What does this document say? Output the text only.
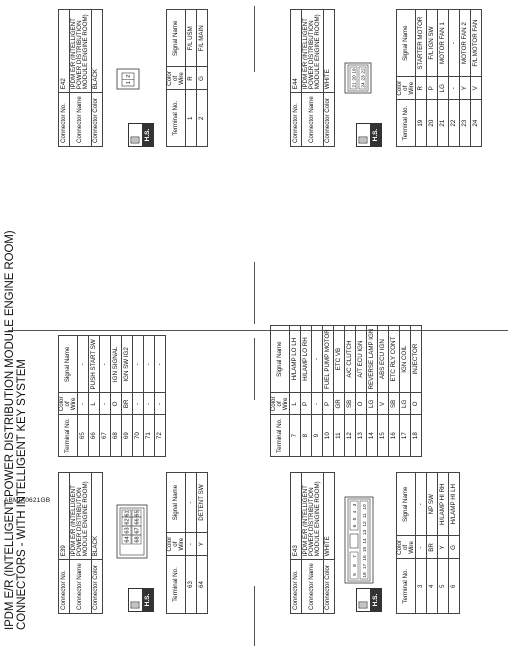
IPDM E/R (INTELLIGENT POWER DISTRIBUTION MODULE ENGINE ROOM) CONNECTORS - WITH INTELLIGENT KEY SYSTEM	Connector No.	E39
Connector Name	IPDM E/R (INTELLIGENT POWER DISTRIBUTION MODULE ENGINE ROOM)
Connector Color	BLACK
H.S.
64
63
62
61
68
67
66
65
Terminal No.	Color of Wire	Signal Name
63	-	-
64	Y	DETENT SW
Terminal No.	Color of Wire	Signal Name
65	-	-
66	L	PUSH START SW
67	-	-
68	O	IGN SIGNAL
69	BR	IGN SW IG2
70	-	-
71	-	-
72	-	-
Connector No.	E42
Connector Name	IPDM E/R (INTELLIGENT POWER DISTRIBUTION MODULE ENGINE ROOM)
Connector Color	BLACK
H.S.
1
2
Terminal No.	Color of Wire	Signal Name
1	R	F/L USM
2	G	F/L MAIN
Connector No.	E43
Connector Name	IPDM E/R (INTELLIGENT POWER DISTRIBUTION MODULE ENGINE ROOM)
Connector Color	WHITE
H.S.
9
8
7
6
5
4
3
18
17
16
15
14
13
12
11
10
Terminal No.	Color of Wire	Signal Name
3	-	-
4	BR	NP SW
5	Y	H/LAMP HI RH
6	G	H/LAMP HI LH
Terminal No.	Color of Wire	Signal Name
7	L	H/LAMP LO LH
8	P	H/LAMP LO RH
9	-	-
10	P	FUEL PUMP MOTOR
11	GR	ETC VB
12	SB	A/C CLUTCH
13	O	A/T ECU IGN
14	LG	REVERSE LAMP IGN
15	V	ABS ECU IGN
16	SB	ETC RLY CONT
17	LG	IGN COIL
18	O	INJECTOR
Connector No.	E44
Connector Name	IPDM E/R (INTELLIGENT POWER DISTRIBUTION MODULE ENGINE ROOM)
Connector Color	WHITE
H.S.
21
20
19
24
23
22
Terminal No.	Color of Wire	Signal Name
19	R	STARTER MOTOR
20	P	F/L IGN SW
21	LG	MOTOR FAN 1
22	-	-
23	Y	MOTOR FAN 2
24	V	F/L MOTOR FAN
ABMIA0621GB
